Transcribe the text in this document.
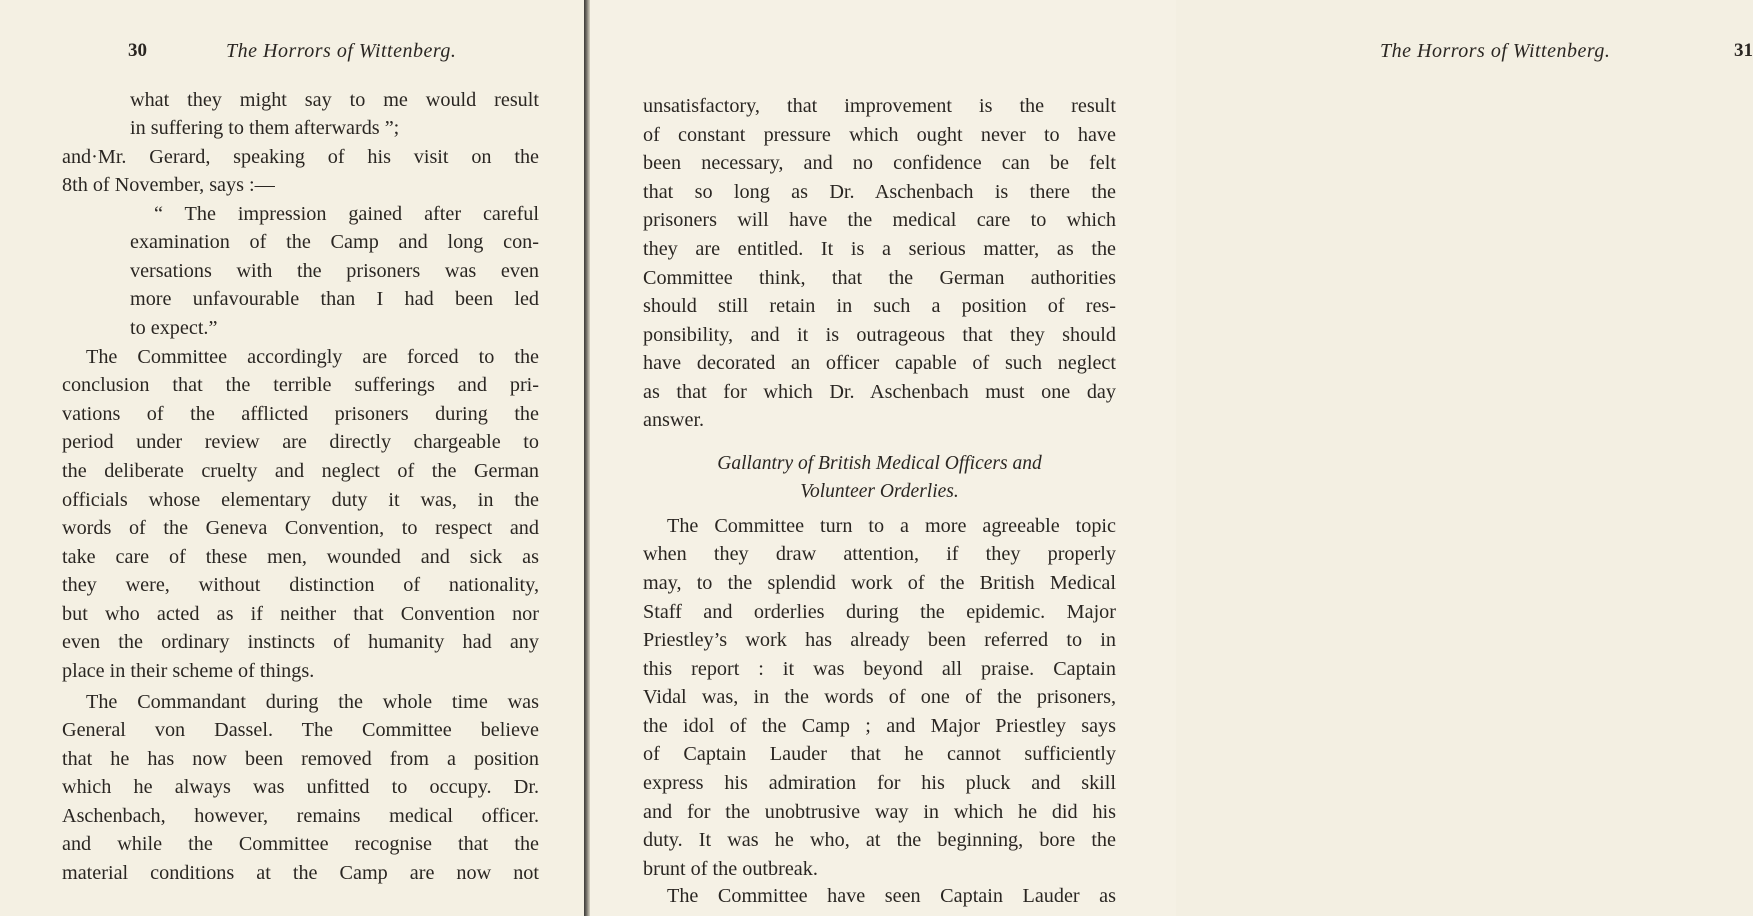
30	The Horrors of Wittenberg.	The Horrors of Wittenberg.	31
what they might say to me would result
in suffering to them afterwards ”;
and·Mr. Gerard, speaking of his visit on the
8th of November, says :—
“ The impression gained after careful
examination of the Camp and long con-
versations with the prisoners was even
more unfavourable than I had been led
to expect.”
The Committee accordingly are forced to the
conclusion that the terrible sufferings and pri-
vations of the afflicted prisoners during the
period under review are directly chargeable to
the deliberate cruelty and neglect of the German
officials whose elementary duty it was, in the
words of the Geneva Convention, to respect and
take care of these men, wounded and sick as
they were, without distinction of nationality,
but who acted as if neither that Convention nor
even the ordinary instincts of humanity had any
place in their scheme of things.
The Commandant during the whole time was
General von Dassel. The Committee believe
that he has now been removed from a position
which he always was unfitted to occupy. Dr.
Aschenbach, however, remains medical officer.
and while the Committee recognise that the
material conditions at the Camp are now not
unsatisfactory, that improvement is the result
of constant pressure which ought never to have
been necessary, and no confidence can be felt
that so long as Dr. Aschenbach is there the
prisoners will have the medical care to which
they are entitled. It is a serious matter, as the
Committee think, that the German authorities
should still retain in such a position of res-
ponsibility, and it is outrageous that they should
have decorated an officer capable of such neglect
as that for which Dr. Aschenbach must one day
answer.
Gallantry of British Medical Officers and
Volunteer Orderlies.
The Committee turn to a more agreeable topic
when they draw attention, if they properly
may, to the splendid work of the British Medical
Staff and orderlies during the epidemic. Major
Priestley’s work has already been referred to in
this report : it was beyond all praise. Captain
Vidal was, in the words of one of the prisoners,
the idol of the Camp ; and Major Priestley says
of Captain Lauder that he cannot sufficiently
express his admiration for his pluck and skill
and for the unobtrusive way in which he did his
duty. It was he who, at the beginning, bore the
brunt of the outbreak.
The Committee have seen Captain Lauder as
